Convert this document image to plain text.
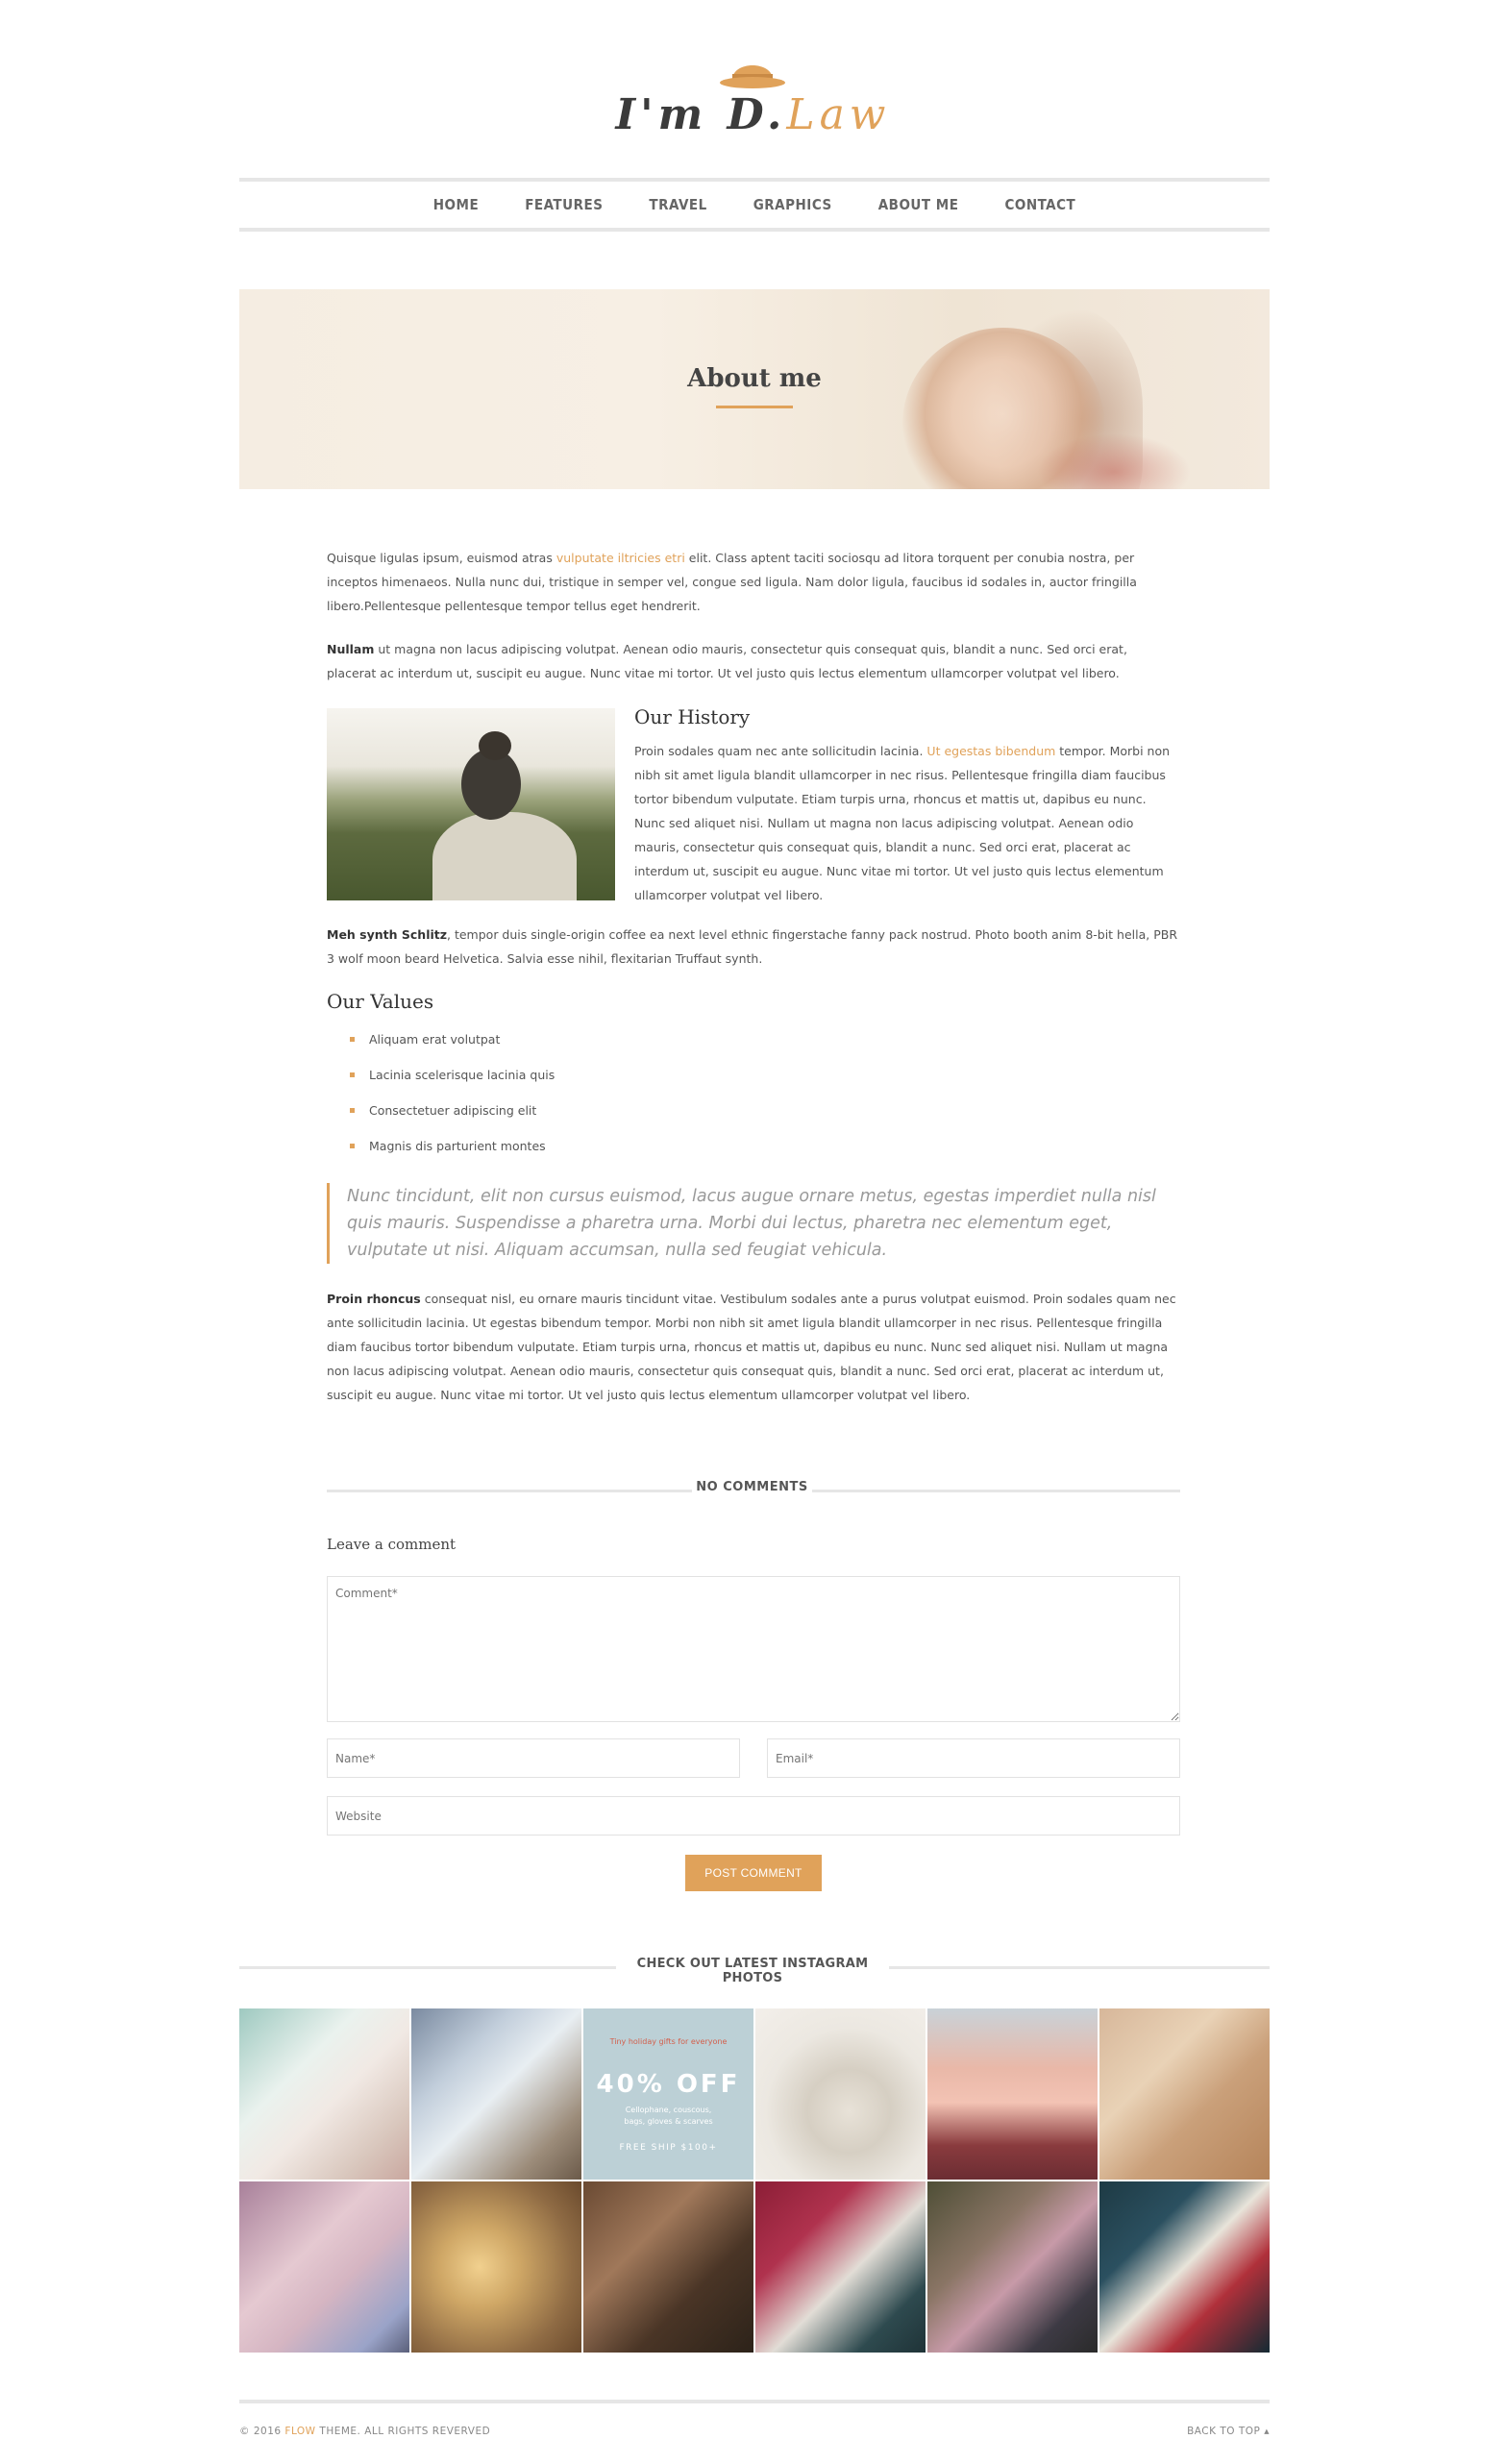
I'm D.Law
HOME	FEATURES	TRAVEL	GRAPHICS	ABOUT ME	CONTACT
About me

Quisque ligulas ipsum, euismod atras vulputate iltricies etri elit. Class aptent taciti sociosqu ad litora torquent per conubia nostra, per inceptos himenaeos. Nulla nunc dui, tristique in semper vel, congue sed ligula. Nam dolor ligula, faucibus id sodales in, auctor fringilla libero.Pellentesque pellentesque tempor tellus eget hendrerit.

Nullam ut magna non lacus adipiscing volutpat. Aenean odio mauris, consectetur quis consequat quis, blandit a nunc. Sed orci erat, placerat ac interdum ut, suscipit eu augue. Nunc vitae mi tortor. Ut vel justo quis lectus elementum ullamcorper volutpat vel libero.

Our History
Proin sodales quam nec ante sollicitudin lacinia. Ut egestas bibendum tempor. Morbi non nibh sit amet ligula blandit ullamcorper in nec risus. Pellentesque fringilla diam faucibus tortor bibendum vulputate. Etiam turpis urna, rhoncus et mattis ut, dapibus eu nunc. Nunc sed aliquet nisi. Nullam ut magna non lacus adipiscing volutpat. Aenean odio mauris, consectetur quis consequat quis, blandit a nunc. Sed orci erat, placerat ac interdum ut, suscipit eu augue. Nunc vitae mi tortor. Ut vel justo quis lectus elementum ullamcorper volutpat vel libero.

Meh synth Schlitz, tempor duis single-origin coffee ea next level ethnic fingerstache fanny pack nostrud. Photo booth anim 8-bit hella, PBR 3 wolf moon beard Helvetica. Salvia esse nihil, flexitarian Truffaut synth.

Our Values
Aliquam erat volutpat
Lacinia scelerisque lacinia quis
Consectetuer adipiscing elit
Magnis dis parturient montes
Nunc tincidunt, elit non cursus euismod, lacus augue ornare metus, egestas imperdiet nulla nisl quis mauris. Suspendisse a pharetra urna. Morbi dui lectus, pharetra nec elementum eget, vulputate ut nisi. Aliquam accumsan, nulla sed feugiat vehicula.

Proin rhoncus consequat nisl, eu ornare mauris tincidunt vitae. Vestibulum sodales ante a purus volutpat euismod. Proin sodales quam nec ante sollicitudin lacinia. Ut egestas bibendum tempor. Morbi non nibh sit amet ligula blandit ullamcorper in nec risus. Pellentesque fringilla diam faucibus tortor bibendum vulputate. Etiam turpis urna, rhoncus et mattis ut, dapibus eu nunc. Nunc sed aliquet nisi. Nullam ut magna non lacus adipiscing volutpat. Aenean odio mauris, consectetur quis consequat quis, blandit a nunc. Sed orci erat, placerat ac interdum ut, suscipit eu augue. Nunc vitae mi tortor. Ut vel justo quis lectus elementum ullamcorper volutpat vel libero.

NO COMMENTS
Leave a comment
Comment*
Name*
Email*
Website
POST COMMENT
CHECK OUT LATEST INSTAGRAM PHOTOS
Tiny holiday gifts for everyone
40% OFF
Cellophane, couscous, bags, gloves & scarves
FREE SHIP $100+
© 2016 FLOW THEME. ALL RIGHTS REVERVED	BACK TO TOP ▴
